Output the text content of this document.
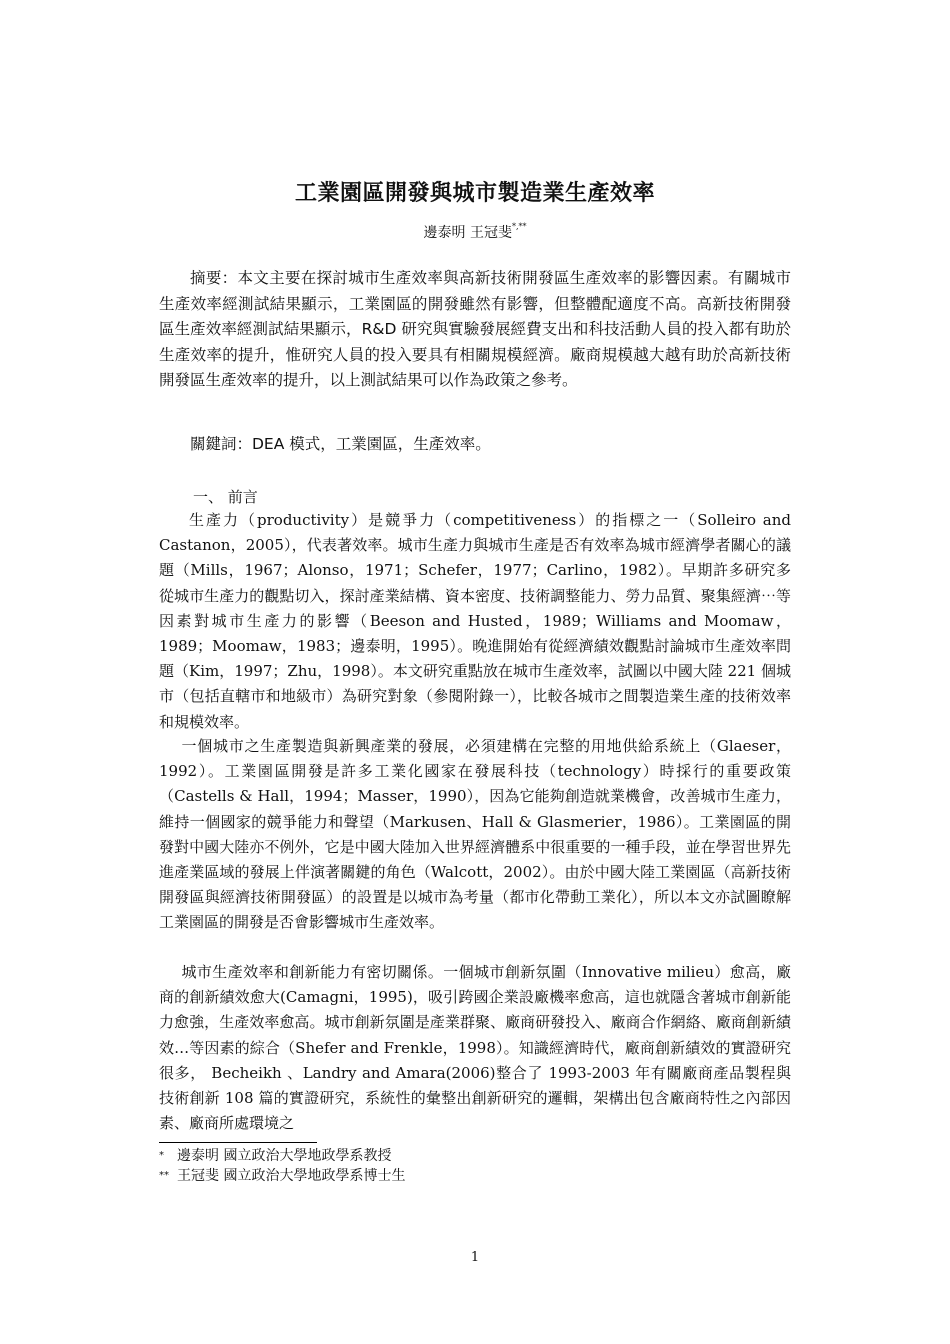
工業園區開發與城市製造業生產效率
邊泰明 王冠斐*,**
摘要：本文主要在探討城市生產效率與高新技術開發區生產效率的影響因素。有關城市生產效率經測試結果顯示，工業園區的開發雖然有影響，但整體配適度不高。高新技術開發區生產效率經測試結果顯示，R&D 研究與實驗發展經費支出和科技活動人員的投入都有助於生產效率的提升，惟研究人員的投入要具有相關規模經濟。廠商規模越大越有助於高新技術開發區生產效率的提升，以上測試結果可以作為政策之參考。
關鍵詞：DEA 模式，工業園區，生產效率。
一、 前言
生產力（productivity）是競爭力（competitiveness）的指標之一（Solleiro and Castanon，2005），代表著效率。城市生產力與城市生產是否有效率為城市經濟學者關心的議題（Mills，1967；Alonso，1971；Schefer，1977；Carlino，1982）。早期許多研究多從城市生產力的觀點切入，探討產業結構、資本密度、技術調整能力、勞力品質、聚集經濟⋯等因素對城市生產力的影響（Beeson and Husted，1989；Williams and Moomaw，1989；Moomaw，1983；邊泰明，1995）。晚進開始有從經濟績效觀點討論城市生產效率問題（Kim，1997；Zhu，1998）。本文研究重點放在城市生產效率，試圖以中國大陸 221 個城市（包括直轄市和地級市）為研究對象（參閱附錄一），比較各城市之間製造業生產的技術效率和規模效率。
一個城市之生產製造與新興產業的發展，必須建構在完整的用地供給系統上（Glaeser，1992）。工業園區開發是許多工業化國家在發展科技（technology）時採行的重要政策（Castells & Hall，1994；Masser，1990），因為它能夠創造就業機會，改善城市生產力，維持一個國家的競爭能力和聲望（Markusen、Hall & Glasmerier，1986）。工業園區的開發對中國大陸亦不例外，它是中國大陸加入世界經濟體系中很重要的一種手段，並在學習世界先進產業區域的發展上伴演著關鍵的角色（Walcott，2002）。由於中國大陸工業園區（高新技術開發區與經濟技術開發區）的設置是以城市為考量（都市化帶動工業化），所以本文亦試圖瞭解工業園區的開發是否會影響城市生產效率。
城市生產效率和創新能力有密切關係。一個城市創新氛圍（Innovative milieu）愈高，廠商的創新績效愈大(Camagni，1995)，吸引跨國企業設廠機率愈高，這也就隱含著城市創新能力愈強，生產效率愈高。城市創新氛圍是產業群聚、廠商研發投入、廠商合作網絡、廠商創新績效…等因素的綜合（Shefer and Frenkle，1998）。知識經濟時代，廠商創新績效的實證研究很多， Becheikh 、Landry and Amara(2006)整合了 1993-2003 年有關廠商產品製程與技術創新 108 篇的實證研究，系統性的彙整出創新研究的邏輯，架構出包含廠商特性之內部因素、廠商所處環境之
* 邊泰明 國立政治大學地政學系教授
** 王冠斐 國立政治大學地政學系博士生
1
